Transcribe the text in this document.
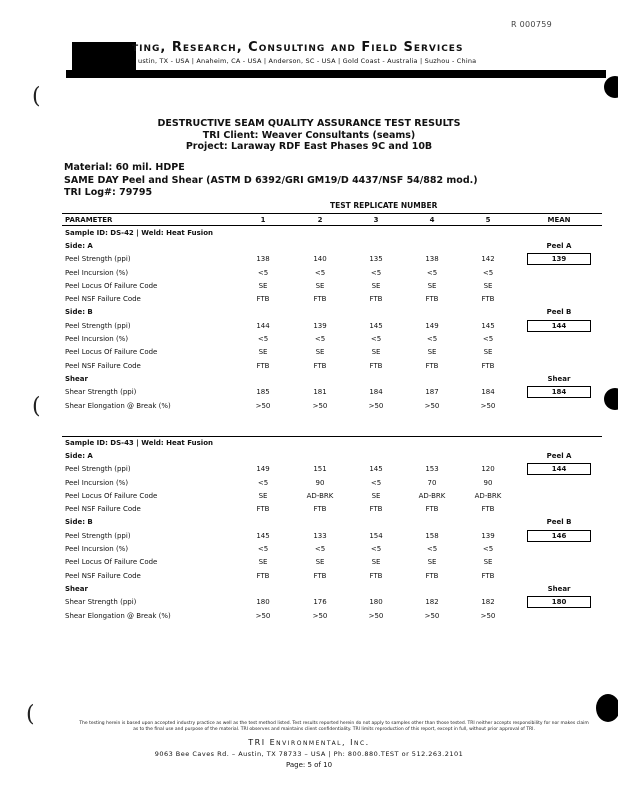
R 000759
ting, Research, Consulting and Field Services
ustin, TX - USA | Anaheim, CA - USA | Anderson, SC - USA | Gold Coast - Australia | Suzhou - China
(
(
(
DESTRUCTIVE SEAM QUALITY ASSURANCE TEST RESULTS
TRI Client: Weaver Consultants (seams)
Project: Laraway RDF East Phases 9C and 10B
Material: 60 mil. HDPE
SAME DAY Peel and Shear (ASTM D 6392/GRI GM19/D 4437/NSF 54/882 mod.)
TRI Log#: 79795
TEST REPLICATE NUMBER
PARAMETER	1	2	3	4	5	MEAN
Sample ID: DS-42 | Weld: Heat Fusion						
Side: A						Peel A
Peel Strength (ppi)	138	140	135	138	142	139
Peel Incursion (%)	<5	<5	<5	<5	<5	
Peel Locus Of Failure Code	SE	SE	SE	SE	SE	
Peel NSF Failure Code	FTB	FTB	FTB	FTB	FTB	
Side: B						Peel B
Peel Strength (ppi)	144	139	145	149	145	144
Peel Incursion (%)	<5	<5	<5	<5	<5	
Peel Locus Of Failure Code	SE	SE	SE	SE	SE	
Peel NSF Failure Code	FTB	FTB	FTB	FTB	FTB	
Shear						Shear
Shear Strength (ppi)	185	181	184	187	184	184
Shear Elongation @ Break (%)	>50	>50	>50	>50	>50	
Sample ID: DS-43 | Weld: Heat Fusion						
Side: A						Peel A
Peel Strength (ppi)	149	151	145	153	120	144
Peel Incursion (%)	<5	90	<5	70	90	
Peel Locus Of Failure Code	SE	AD-BRK	SE	AD-BRK	AD-BRK	
Peel NSF Failure Code	FTB	FTB	FTB	FTB	FTB	
Side: B						Peel B
Peel Strength (ppi)	145	133	154	158	139	146
Peel Incursion (%)	<5	<5	<5	<5	<5	
Peel Locus Of Failure Code	SE	SE	SE	SE	SE	
Peel NSF Failure Code	FTB	FTB	FTB	FTB	FTB	
Shear						Shear
Shear Strength (ppi)	180	176	180	182	182	180
Shear Elongation @ Break (%)	>50	>50	>50	>50	>50	
The testing herein is based upon accepted industry practice as well as the test method listed. Test results reported herein do not apply to samples other than those tested. TRI neither accepts responsibility for nor makes claim as to the final use and purpose of the material. TRI observes and maintains client confidentiality. TRI limits reproduction of this report, except in full, without prior approval of TRI.
TRI Environmental, Inc.
9063 Bee Caves Rd. – Austin, TX 78733 – USA | Ph: 800.880.TEST or 512.263.2101
Page: 5 of 10
